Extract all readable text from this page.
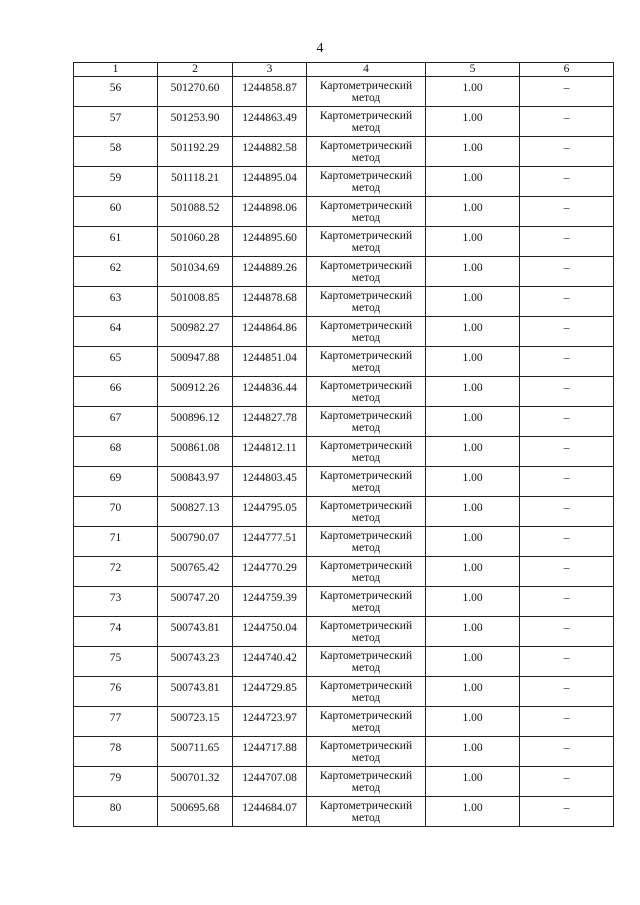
4
1	2	3	4	5	6
56	501270.60	1244858.87	Картометрический метод	1.00	–
57	501253.90	1244863.49	Картометрический метод	1.00	–
58	501192.29	1244882.58	Картометрический метод	1.00	–
59	501118.21	1244895.04	Картометрический метод	1.00	–
60	501088.52	1244898.06	Картометрический метод	1.00	–
61	501060.28	1244895.60	Картометрический метод	1.00	–
62	501034.69	1244889.26	Картометрический метод	1.00	–
63	501008.85	1244878.68	Картометрический метод	1.00	–
64	500982.27	1244864.86	Картометрический метод	1.00	–
65	500947.88	1244851.04	Картометрический метод	1.00	–
66	500912.26	1244836.44	Картометрический метод	1.00	–
67	500896.12	1244827.78	Картометрический метод	1.00	–
68	500861.08	1244812.11	Картометрический метод	1.00	–
69	500843.97	1244803.45	Картометрический метод	1.00	–
70	500827.13	1244795.05	Картометрический метод	1.00	–
71	500790.07	1244777.51	Картометрический метод	1.00	–
72	500765.42	1244770.29	Картометрический метод	1.00	–
73	500747.20	1244759.39	Картометрический метод	1.00	–
74	500743.81	1244750.04	Картометрический метод	1.00	–
75	500743.23	1244740.42	Картометрический метод	1.00	–
76	500743.81	1244729.85	Картометрический метод	1.00	–
77	500723.15	1244723.97	Картометрический метод	1.00	–
78	500711.65	1244717.88	Картометрический метод	1.00	–
79	500701.32	1244707.08	Картометрический метод	1.00	–
80	500695.68	1244684.07	Картометрический метод	1.00	–
